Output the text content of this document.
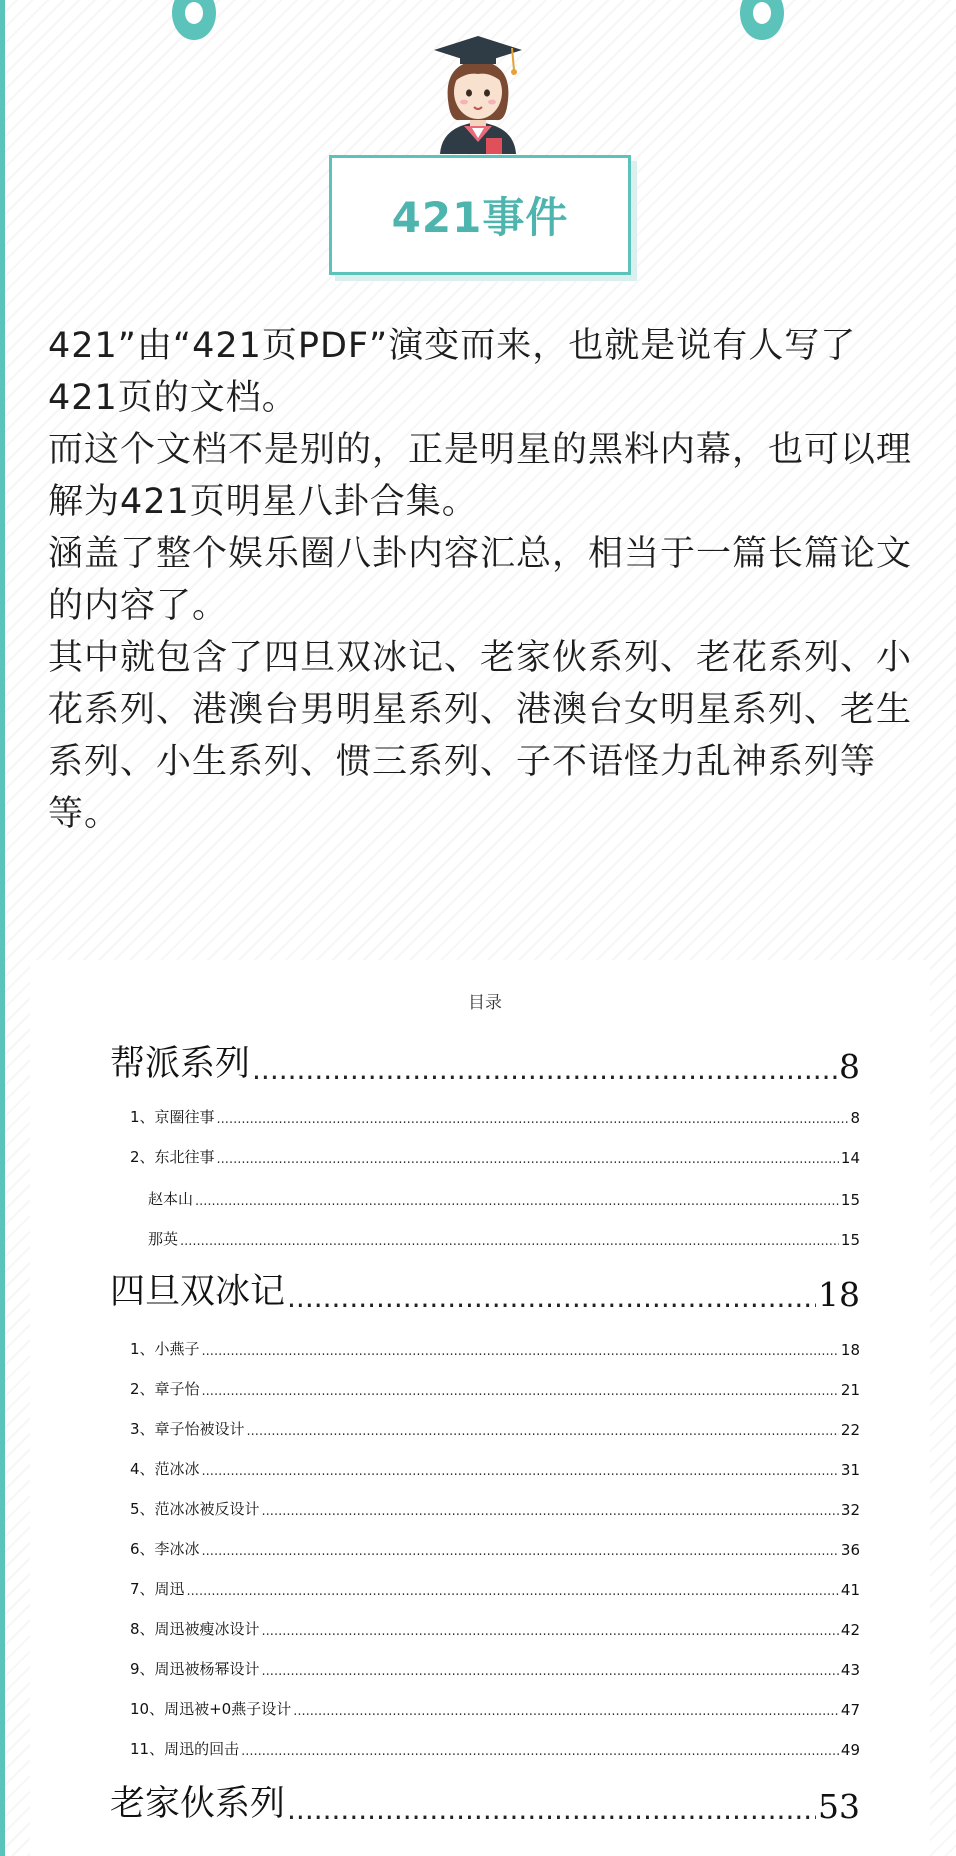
421事件

421”由“421页PDF”演变而来，也就是说有人写了421页的文档。

而这个文档不是别的，正是明星的黑料内幕，也可以理解为421页明星八卦合集。

涵盖了整个娱乐圈八卦内容汇总，相当于一篇长篇论文的内容了。

其中就包含了四旦双冰记、老家伙系列、老花系列、小花系列、港澳台男明星系列、港澳台女明星系列、老生系列、小生系列、惯三系列、子不语怪力乱神系列等等。

目录
帮派系列 .....	8
1、京圈往事 .....	8
2、东北往事 .....	14
赵本山 .....	15
那英 .....	15
四旦双冰记 .....	18
1、小燕子 .....	18
2、章子怡 .....	21
3、章子怡被设计 .....	22
4、范冰冰 .....	31
5、范冰冰被反设计 .....	32
6、李冰冰 .....	36
7、周迅 .....	41
8、周迅被瘦冰设计 .....	42
9、周迅被杨幂设计 .....	43
10、周迅被+0燕子设计 .....	47
11、周迅的回击 .....	49
老家伙系列 .....	53
